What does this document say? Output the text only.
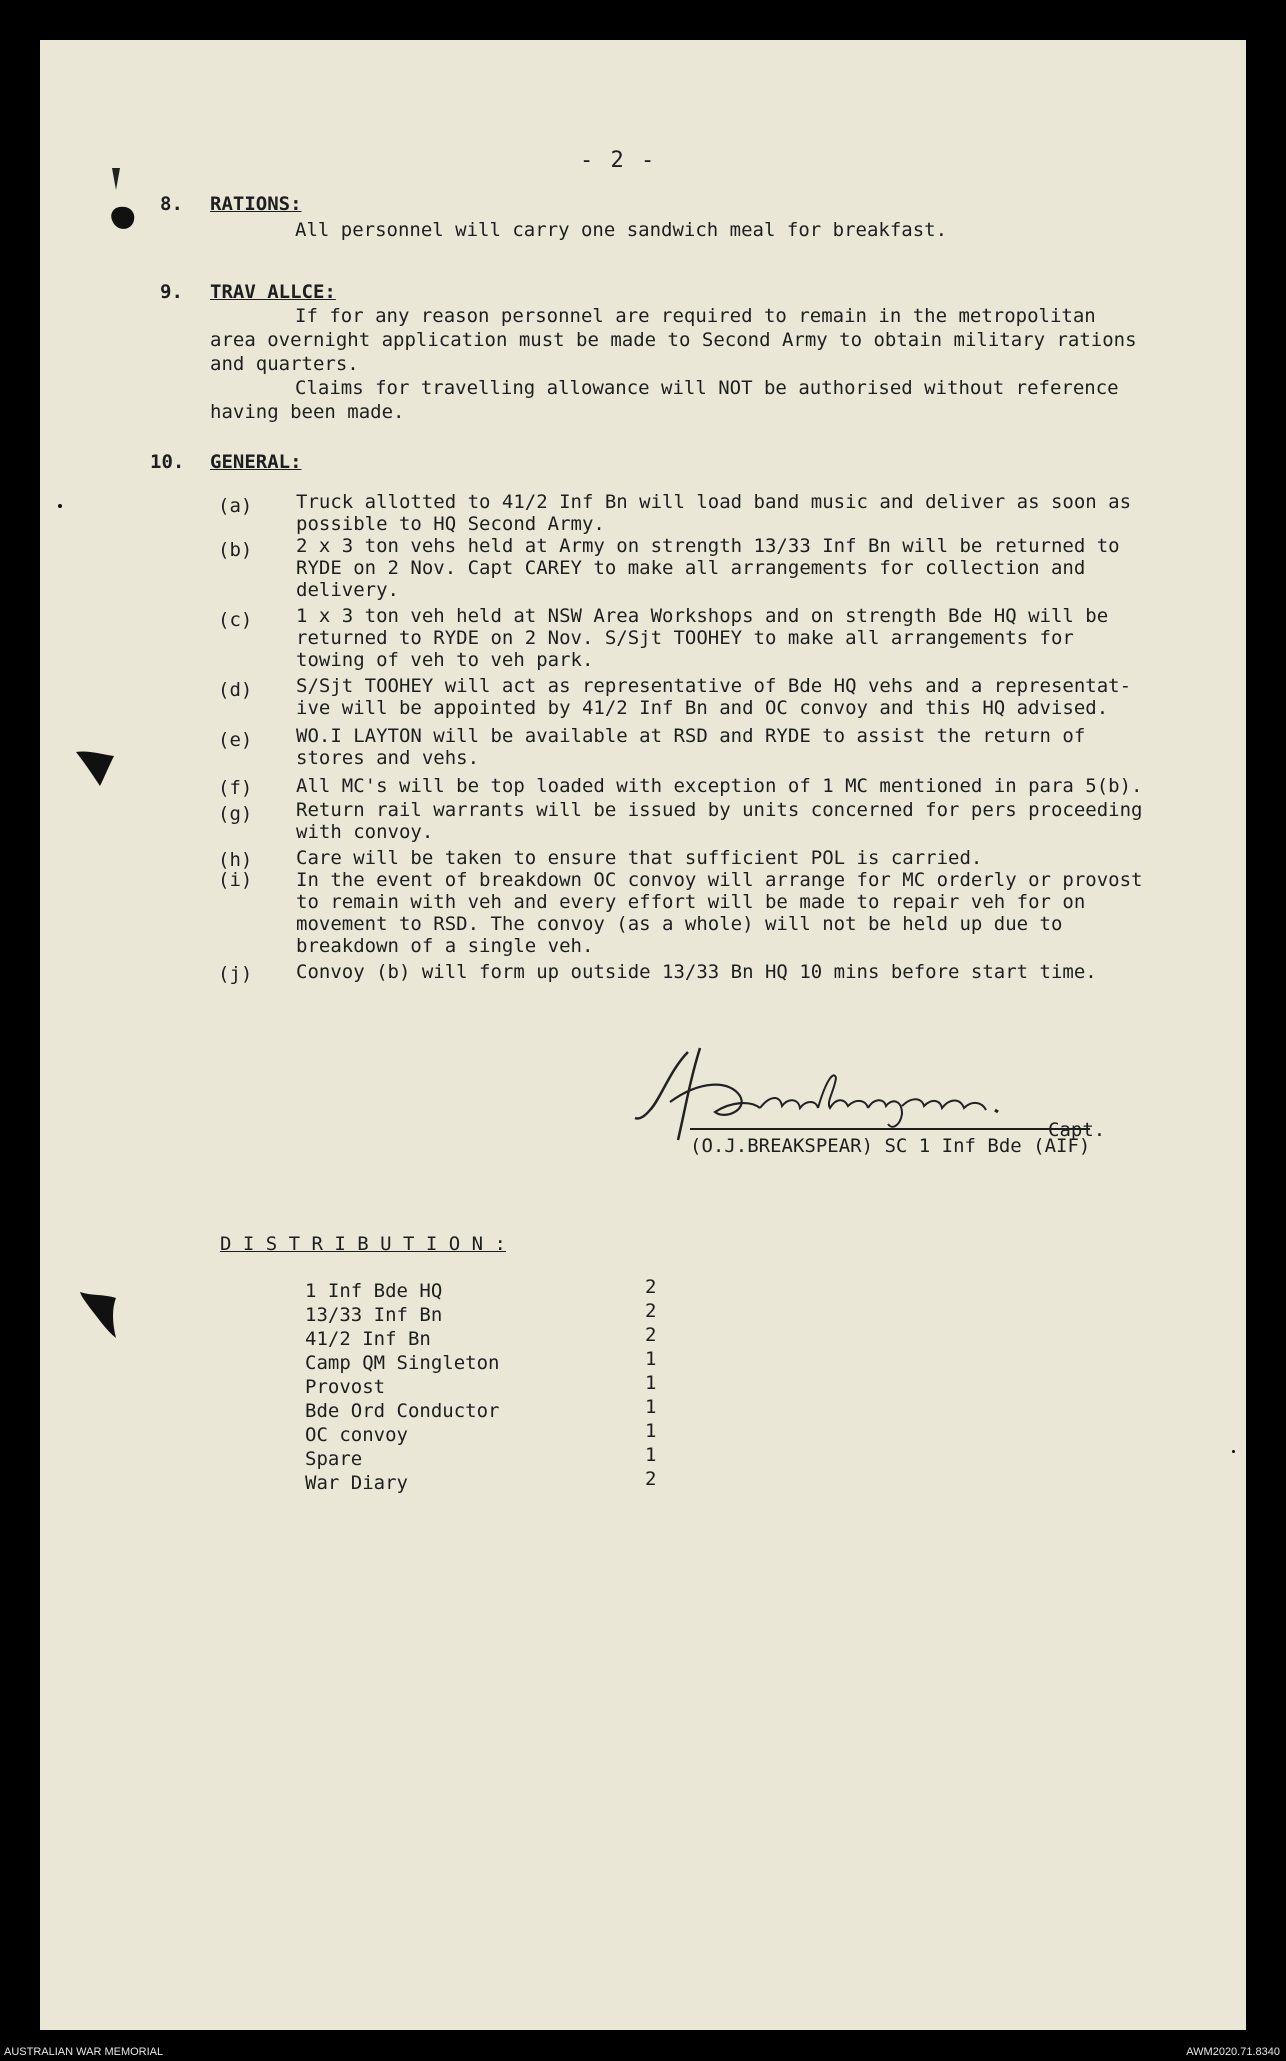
- 2 -
8. RATIONS:
All personnel will carry one sandwich meal for breakfast.
9. TRAV ALLCE:
If for any reason personnel are required to remain in the metropolitan
area overnight application must be made to Second Army to obtain military rations
and quarters.
Claims for travelling allowance will NOT be authorised without reference
having been made.
10. GENERAL:
(a) Truck allotted to 41/2 Inf Bn will load band music and deliver as soon as
possible to HQ Second Army.
(b) 2 x 3 ton vehs held at Army on strength 13/33 Inf Bn will be returned to
RYDE on 2 Nov. Capt CAREY to make all arrangements for collection and
delivery.
(c) 1 x 3 ton veh held at NSW Area Workshops and on strength Bde HQ will be
returned to RYDE on 2 Nov. S/Sjt TOOHEY to make all arrangements for
towing of veh to veh park.
(d) S/Sjt TOOHEY will act as representative of Bde HQ vehs and a representat-
ive will be appointed by 41/2 Inf Bn and OC convoy and this HQ advised.
(e) WO.I LAYTON will be available at RSD and RYDE to assist the return of
stores and vehs.
(f) All MC's will be top loaded with exception of 1 MC mentioned in para 5(b).
(g) Return rail warrants will be issued by units concerned for pers proceeding
with convoy.
(h) Care will be taken to ensure that sufficient POL is carried.
(i) In the event of breakdown OC convoy will arrange for MC orderly or provost
to remain with veh and every effort will be made to repair veh for on
movement to RSD. The convoy (as a whole) will not be held up due to
breakdown of a single veh.
(j) Convoy (b) will form up outside 13/33 Bn HQ 10 mins before start time.
Capt.
(O.J.BREAKSPEAR) SC 1 Inf Bde (AIF)
D I S T R I B U T I O N :
1 Inf Bde HQ	2
13/33 Inf Bn	2
41/2 Inf Bn	2
Camp QM Singleton	1
Provost	1
Bde Ord Conductor	1
OC convoy	1
Spare	1
War Diary	2
AUSTRALIAN WAR MEMORIAL	AWM2020.71.8340
